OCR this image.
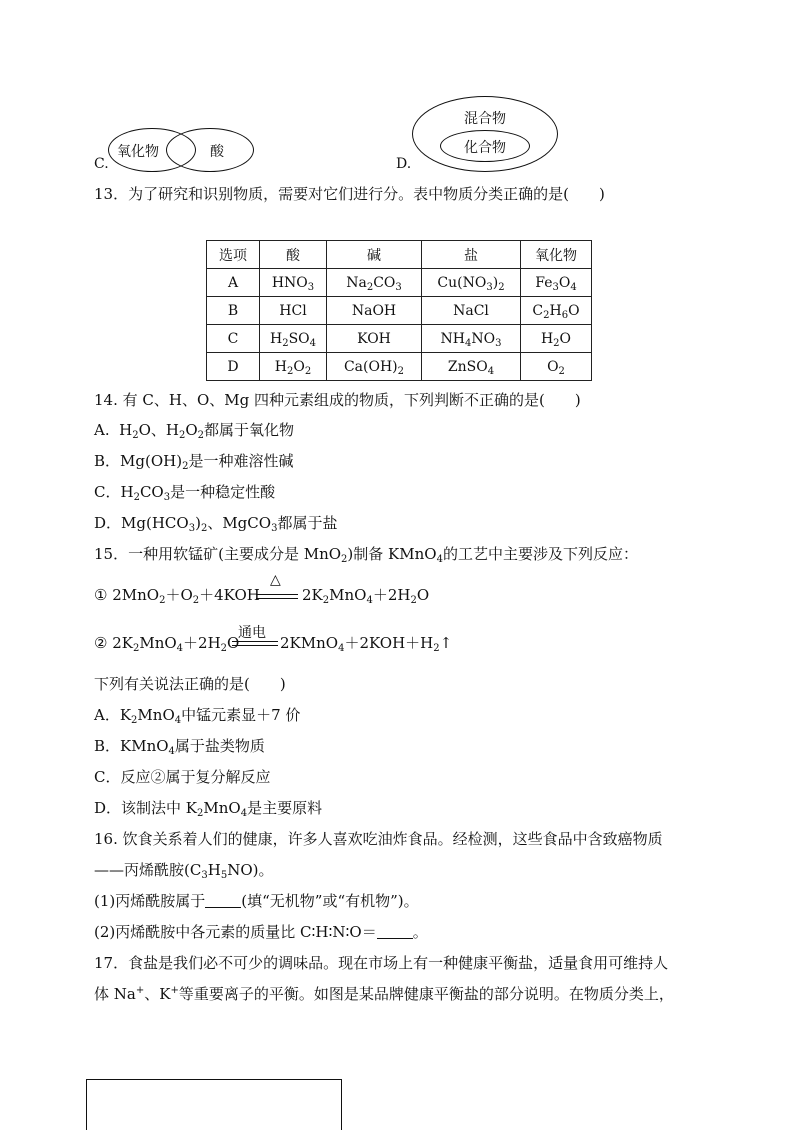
氧化物	酸
C.
混合物
化合物
D.
13．为了研究和识别物质，需要对它们进行分。表中物质分类正确的是(　　)
选项	酸	碱	盐	氧化物
A	$HNO_3$	$Na_2CO_3$	$Cu(NO_3)_2$	$Fe_3O_4$
B	HCl	NaOH	NaCl	$C_2H_6O$
C	$H_2SO_4$	KOH	$NH_4NO_3$	$H_2O$
D	$H_2O_2$	$Ca(OH)_2$	ZnSO$_4$	$O_2$
14. 有 C、H、O、Mg 四种元素组成的物质，下列判断不正确的是(　　)
A.  $H_2O$、$H_2O_2$都属于氧化物
B．$Mg(OH)_2$是一种难溶性碱
C．$H_2CO_3$是一种稳定性酸
D．$Mg(HCO_3)_2$、MgCO$_3$都属于盐
15．一种用软锰矿(主要成分是 MnO$_2$)制备 KMnO$_4$的工艺中主要涉及下列反应：
① $2MnO_2+O_2+4KOH$
△
$2K_2MnO_4+2H_2O$
② $2K_2MnO_4+2H_2O$
通电
$2KMnO_4+2KOH+H_2↑$
下列有关说法正确的是(　　)
A．$K_2MnO_4$中锰元素显＋7 价
B．KMnO$_4$属于盐类物质
C．反应②属于复分解反应
D．该制法中 $K_2MnO_4$是主要原料
16. 饮食关系着人们的健康，许多人喜欢吃油炸食品。经检测，这些食品中含致癌物质
——丙烯酰胺$(C_3H_5NO)$。
(1)丙烯酰胺属于 (填“无机物”或“有机物”)。
(2)丙烯酰胺中各元素的质量比 C∶H∶N∶O＝ 。
17．食盐是我们必不可少的调味品。现在市场上有一种健康平衡盐，适量食用可维持人
体 Na+、K+等重要离子的平衡。如图是某品牌健康平衡盐的部分说明。在物质分类上，
